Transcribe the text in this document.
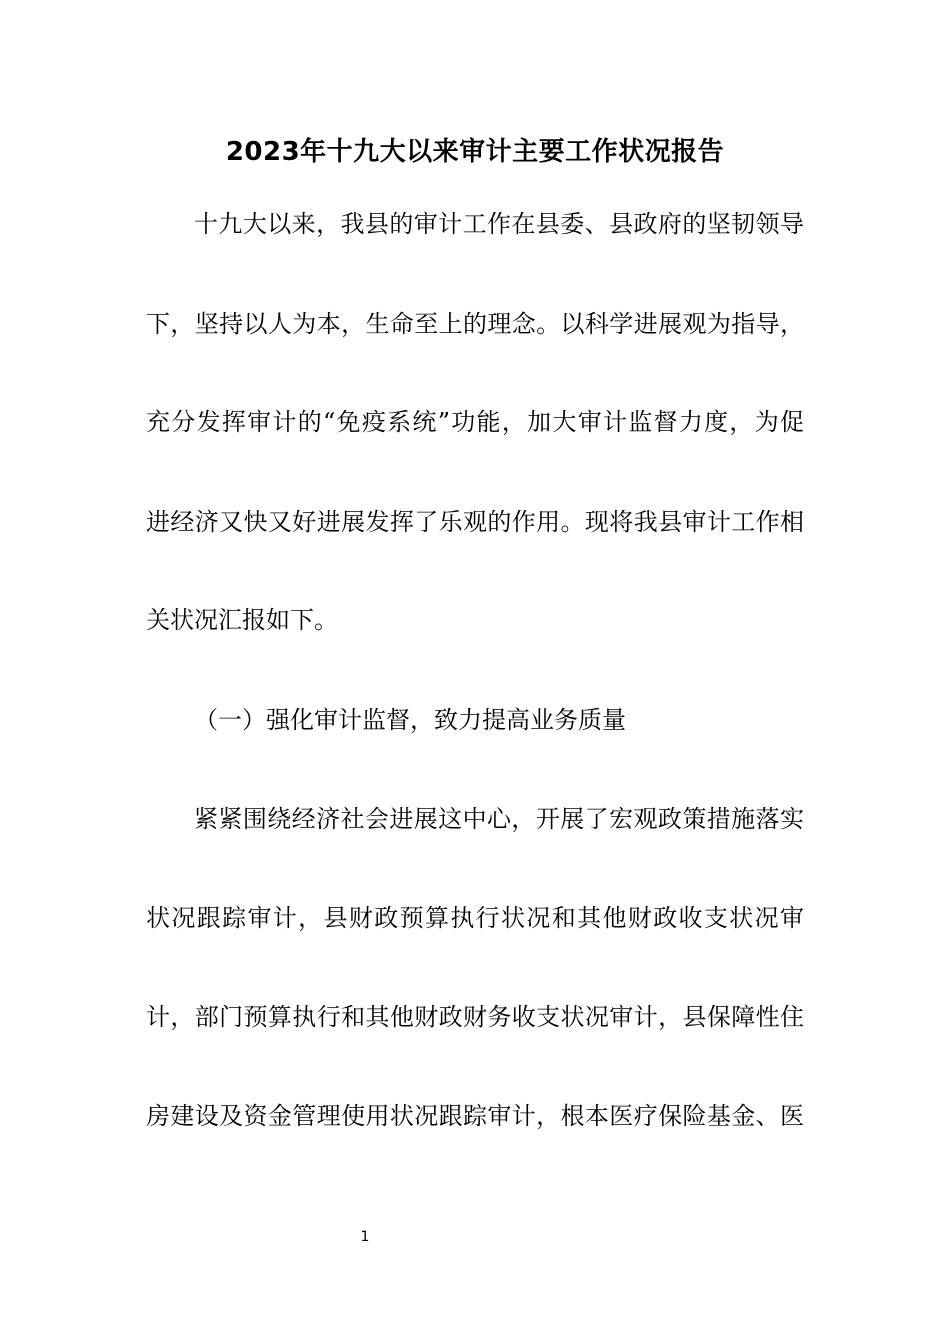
2023年十九大以来审计主要工作状况报告
十九大以来，我县的审计工作在县委、县政府的坚韧领导
下，坚持以人为本，生命至上的理念。以科学进展观为指导，
充分发挥审计的“免疫系统”功能，加大审计监督力度，为促
进经济又快又好进展发挥了乐观的作用。现将我县审计工作相
关状况汇报如下。
（一）强化审计监督，致力提高业务质量
紧紧围绕经济社会进展这中心，开展了宏观政策措施落实
状况跟踪审计，县财政预算执行状况和其他财政收支状况审
计，部门预算执行和其他财政财务收支状况审计，县保障性住
房建设及资金管理使用状况跟踪审计，根本医疗保险基金、医
1
